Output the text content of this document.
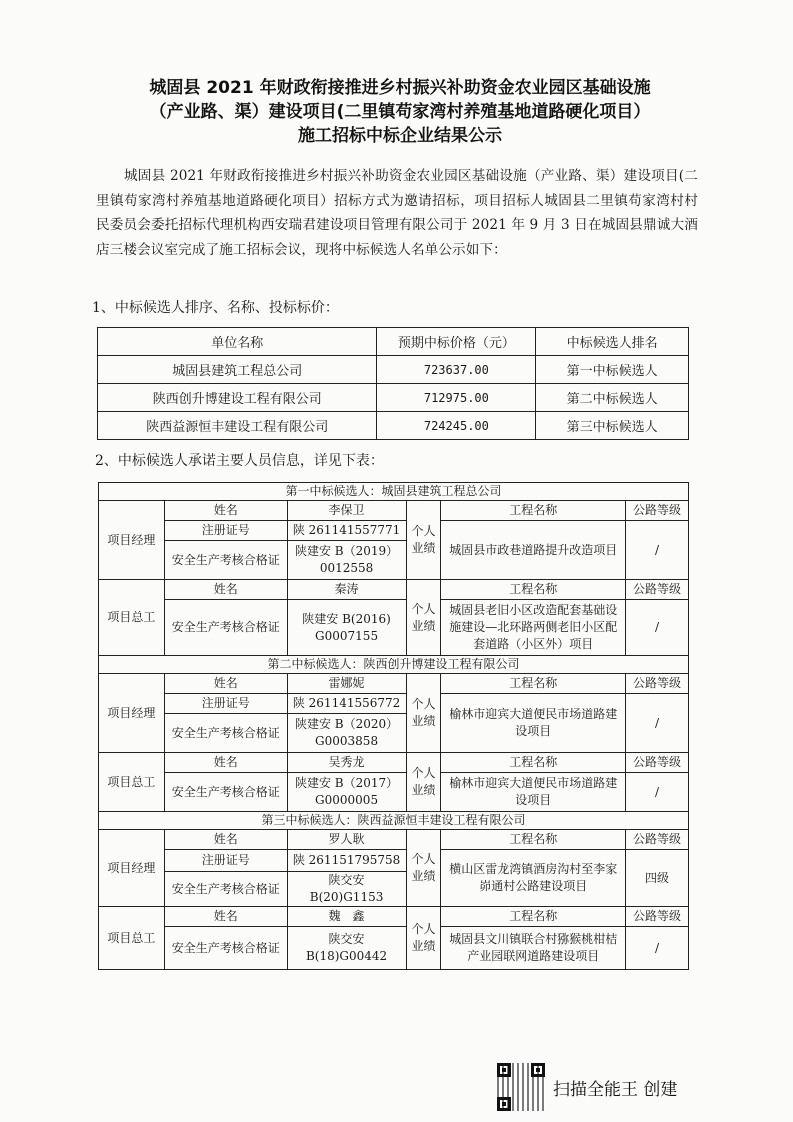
城固县 2021 年财政衔接推进乡村振兴补助资金农业园区基础设施
（产业路、渠）建设项目(二里镇苟家湾村养殖基地道路硬化项目）
施工招标中标企业结果公示
城固县 2021 年财政衔接推进乡村振兴补助资金农业园区基础设施（产业路、渠）建设项目(二里镇苟家湾村养殖基地道路硬化项目）招标方式为邀请招标，项目招标人城固县二里镇苟家湾村村民委员会委托招标代理机构西安瑞君建设项目管理有限公司于 2021 年 9 月 3 日在城固县鼎诚大酒店三楼会议室完成了施工招标会议，现将中标候选人名单公示如下：
1、中标候选人排序、名称、投标标价：
单位名称	预期中标价格（元）	中标候选人排名
城固县建筑工程总公司	723637.00	第一中标候选人
陕西创升博建设工程有限公司	712975.00	第二中标候选人
陕西益源恒丰建设工程有限公司	724245.00	第三中标候选人
2、中标候选人承诺主要人员信息，详见下表：
第一中标候选人：城固县建筑工程总公司					
项目经理	姓名	李保卫	个人业绩	工程名称	公路等级
	注册证号	陕 261141557771		城固县市政巷道路提升改造项目	/
	安全生产考核合格证	陕建安 B（2019）0012558			
项目总工	姓名	秦涛	个人业绩	工程名称	公路等级
	安全生产考核合格证	陕建安 B(2016) G0007155		城固县老旧小区改造配套基础设施建设—北环路两侧老旧小区配套道路（小区外）项目	/
第二中标候选人：陕西创升博建设工程有限公司					
项目经理	姓名	雷娜妮	个人业绩	工程名称	公路等级
	注册证号	陕 261141556772		榆林市迎宾大道便民市场道路建设项目	/
	安全生产考核合格证	陕建安 B（2020）G0003858			
项目总工	姓名	吴秀龙	个人业绩	工程名称	公路等级
	安全生产考核合格证	陕建安 B（2017）G0000005		榆林市迎宾大道便民市场道路建设项目	/
第三中标候选人：陕西益源恒丰建设工程有限公司					
项目经理	姓名	罗人耿	个人业绩	工程名称	公路等级
	注册证号	陕 261151795758		横山区雷龙湾镇酒房沟村至李家峁通村公路建设项目	四级
	安全生产考核合格证	陕交安 B(20)G1153			
项目总工	姓名	魏　鑫	个人业绩	工程名称	公路等级
	安全生产考核合格证	陕交安 B(18)G00442		城固县文川镇联合村猕猴桃柑桔产业园联网道路建设项目	/
扫描全能王 创建
